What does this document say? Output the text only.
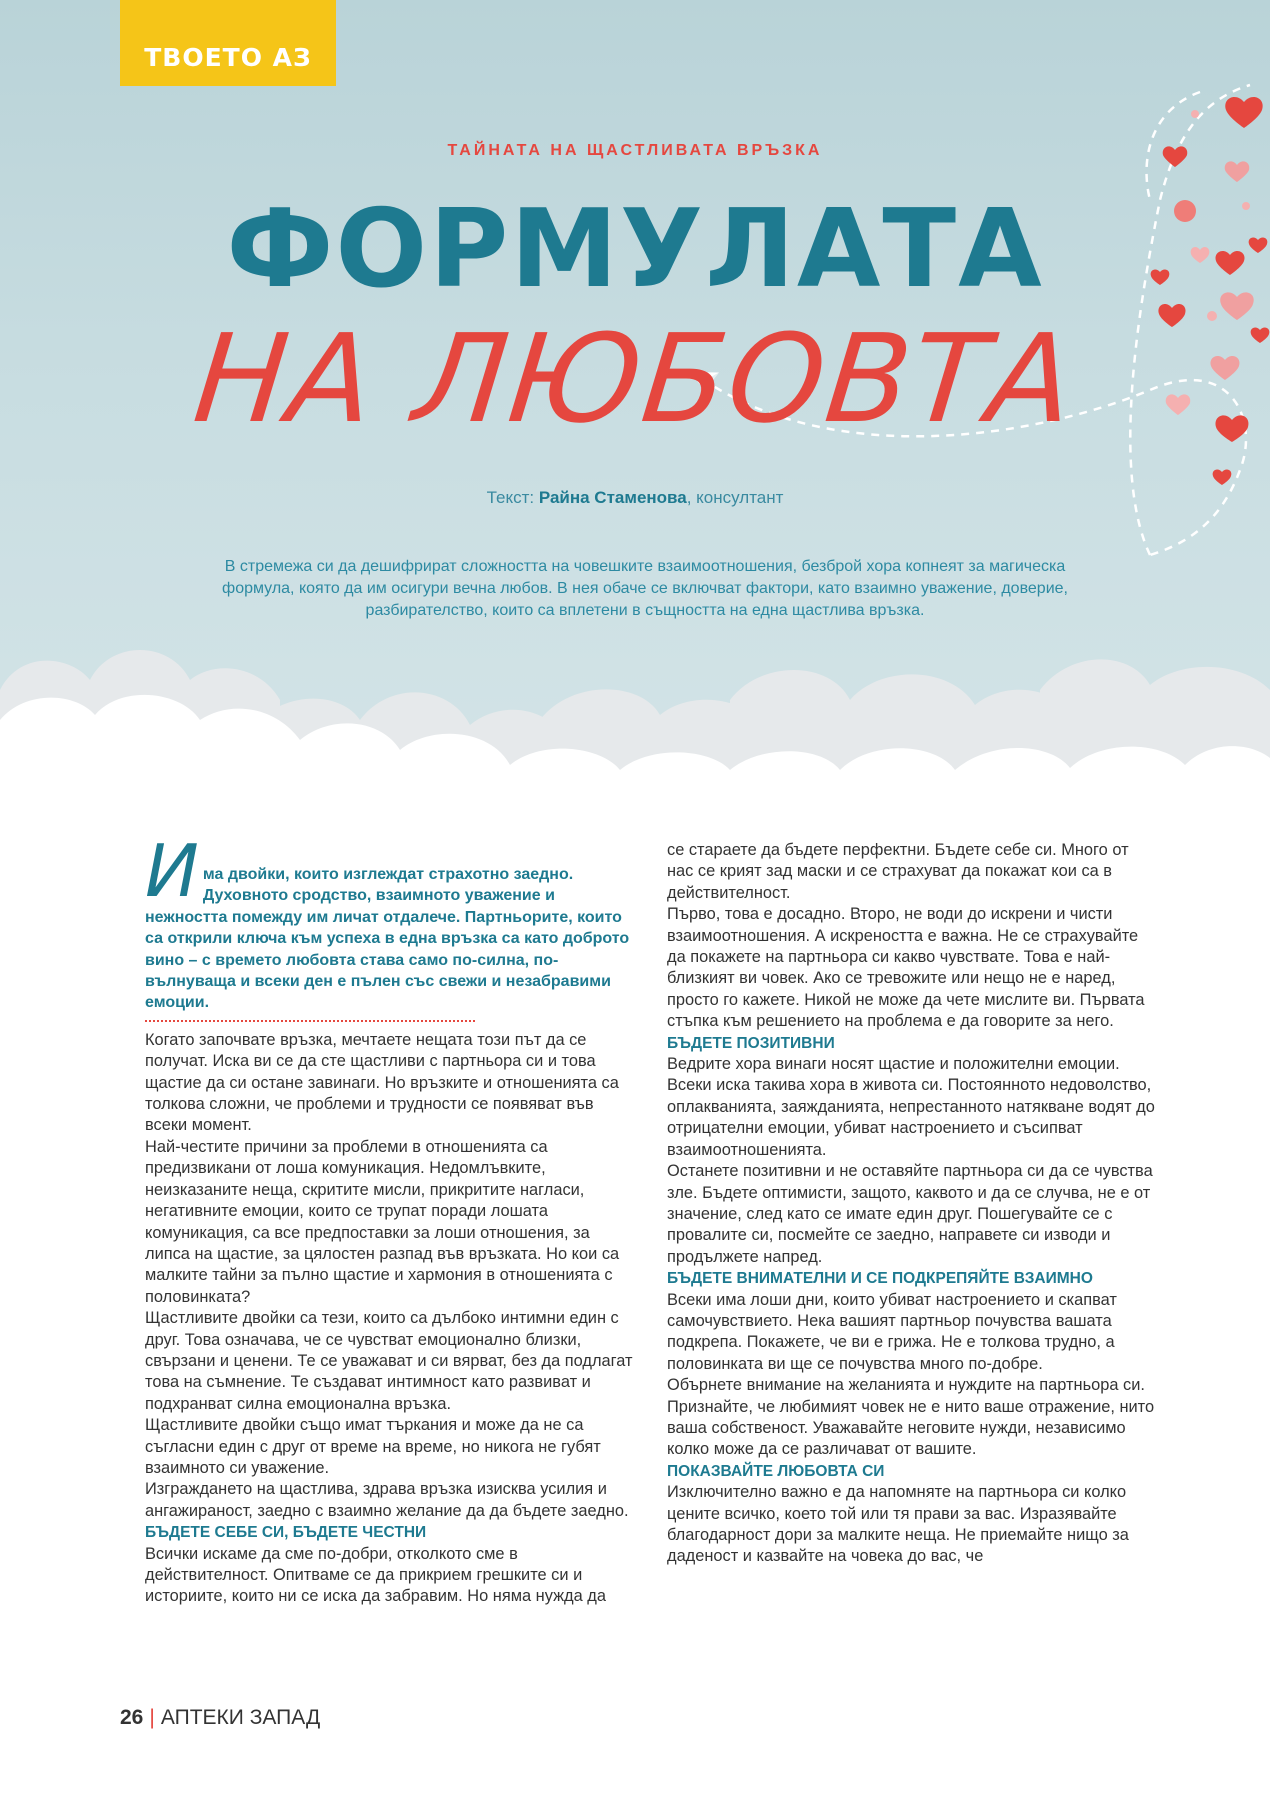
ТВОЕТО АЗ
ТАЙНАТА НА ЩАСТЛИВАТА ВРЪЗКА
ФОРМУЛАТА
НА ЛЮБОВТА
Текст: Райна Стаменова, консултант
В стремежа си да дешифрират сложността на човешките взаимоотношения, безброй хора копнеят за магическа формула, която да им осигури вечна любов. В нея обаче се включват фактори, като взаимно уважение, доверие, разбирателство, които са вплетени в същността на една щастлива връзка.
И ма двойки, които изглеждат страхотно заедно. Духовното сродство, взаимното уважение и нежността помежду им личат отдалече. Партньорите, които са открили ключа към успеха в една връзка са като доброто вино – с времето любовта става само по-силна, по-вълнуваща и всеки ден е пълен със свежи и незабравими емоции.

Когато започвате връзка, мечтаете нещата този път да се получат. Иска ви се да сте щастливи с партньора си и това щастие да си остане завинаги. Но връзките и отношенията са толкова сложни, че проблеми и трудности се появяват във всеки момент.

Най-честите причини за проблеми в отношенията са предизвикани от лоша комуникация. Недомлъвките, неизказаните неща, скритите мисли, прикритите нагласи, негативните емоции, които се трупат поради лошата комуникация, са все предпоставки за лоши отношения, за липса на щастие, за цялостен разпад във връзката. Но кои са малките тайни за пълно щастие и хармония в отношенията с половинката?

Щастливите двойки са тези, които са дълбоко интимни един с друг. Това означава, че се чувстват емоционално близки, свързани и ценени. Те се уважават и си вярват, без да подлагат това на съмнение. Те създават интимност като развиват и подхранват силна емоционална връзка.

Щастливите двойки също имат търкания и може да не са съгласни един с друг от време на време, но никога не губят взаимното си уважение.

Изграждането на щастлива, здрава връзка изисква усилия и ангажираност, заедно с взаимно желание да да бъдете заедно.

БЪДЕТЕ СЕБЕ СИ, БЪДЕТЕ ЧЕСТНИ

Всички искаме да сме по-добри, отколкото сме в действителност. Опитваме се да прикрием грешките си и историите, които ни се иска да забравим. Но няма нужда да

се стараете да бъдете перфектни. Бъдете себе си. Много от нас се крият зад маски и се страхуват да покажат кои са в действителност.

Първо, това е досадно. Второ, не води до искрени и чисти взаимоотношения. А искреността е важна. Не се страхувайте да покажете на партньора си какво чувствате. Това е най-близкият ви човек. Ако се тревожите или нещо не е наред, просто го кажете. Никой не може да чете мислите ви. Първата стъпка към решението на проблема е да говорите за него.

БЪДЕТЕ ПОЗИТИВНИ

Ведрите хора винаги носят щастие и положителни емоции. Всеки иска такива хора в живота си. Постоянното недоволство, оплакванията, заяжданията, непрестанното натякване водят до отрицателни емоции, убиват настроението и съсипват взаимоотношенията.

Останете позитивни и не оставяйте партньора си да се чувства зле. Бъдете оптимисти, защото, каквото и да се случва, не е от значение, след като се имате един друг. Пошегувайте се с провалите си, посмейте се заедно, направете си изводи и продължете напред.

БЪДЕТЕ ВНИМАТЕЛНИ И СЕ ПОДКРЕПЯЙТЕ ВЗАИМНО

Всеки има лоши дни, които убиват настроението и скапват самочувствието. Нека вашият партньор почувства вашата подкрепа. Покажете, че ви е грижа. Не е толкова трудно, а половинката ви ще се почувства много по-добре.

Обърнете внимание на желанията и нуждите на партньора си. Признайте, че любимият човек не е нито ваше отражение, нито ваша собственост. Уважавайте неговите нужди, независимо колко може да се различават от вашите.

ПОКАЗВАЙТЕ ЛЮБОВТА СИ

Изключително важно е да напомняте на партньора си колко цените всичко, което той или тя прави за вас. Изразявайте благодарност дори за малките неща. Не приемайте нищо за даденост и казвайте на човека до вас, че

26 | АПТЕКИ ЗАПАД
